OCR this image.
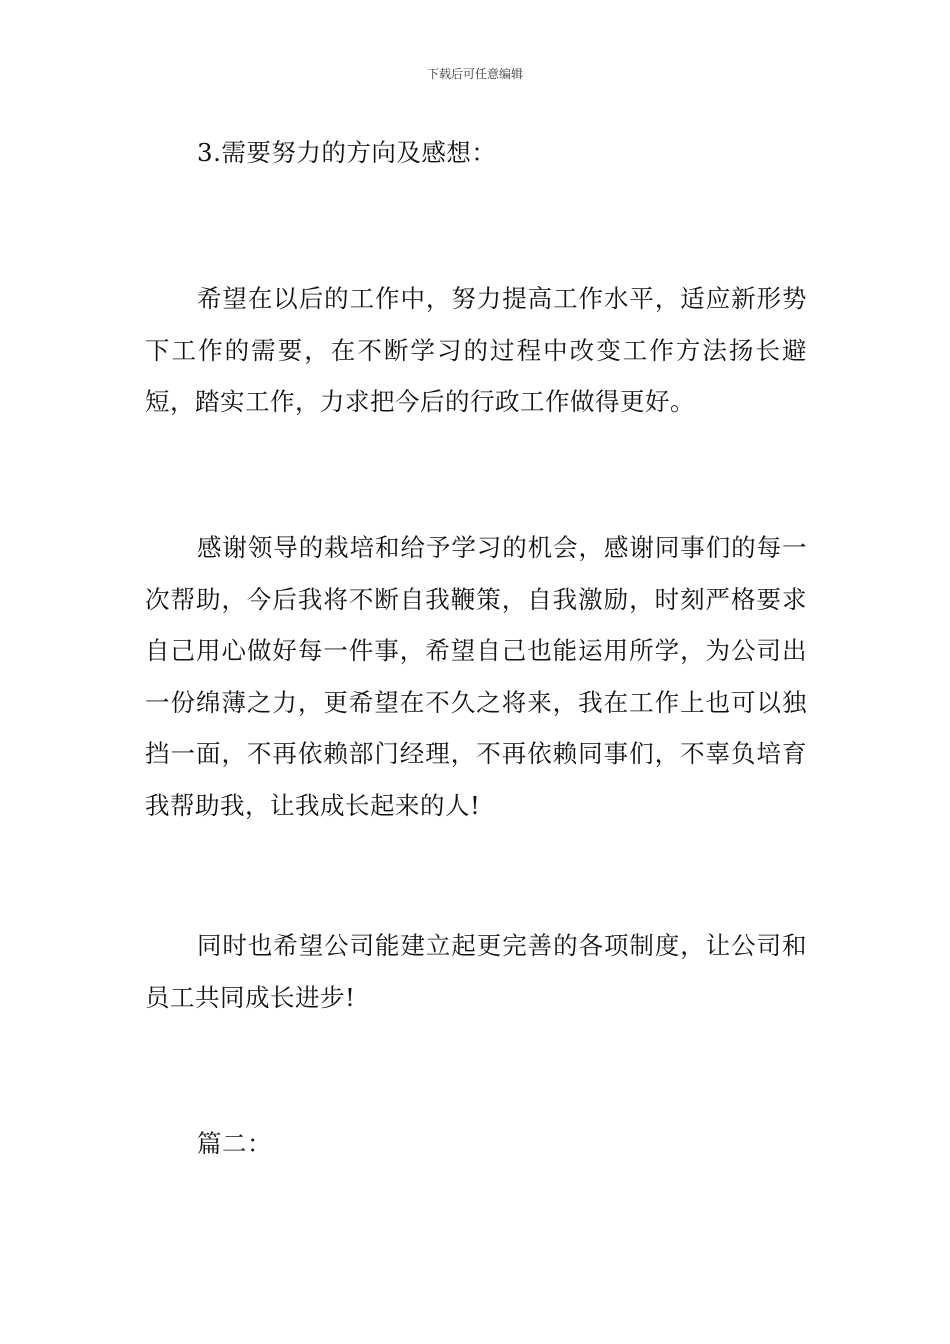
下载后可任意编辑

3.需要努力的方向及感想：

希望在以后的工作中，努力提高工作水平，适应新形势下工作的需要，在不断学习的过程中改变工作方法扬长避短，踏实工作，力求把今后的行政工作做得更好。

感谢领导的栽培和给予学习的机会，感谢同事们的每一次帮助，今后我将不断自我鞭策，自我激励，时刻严格要求自己用心做好每一件事，希望自己也能运用所学，为公司出一份绵薄之力，更希望在不久之将来，我在工作上也可以独挡一面，不再依赖部门经理，不再依赖同事们，不辜负培育我帮助我，让我成长起来的人!

同时也希望公司能建立起更完善的各项制度，让公司和员工共同成长进步!

篇二：
